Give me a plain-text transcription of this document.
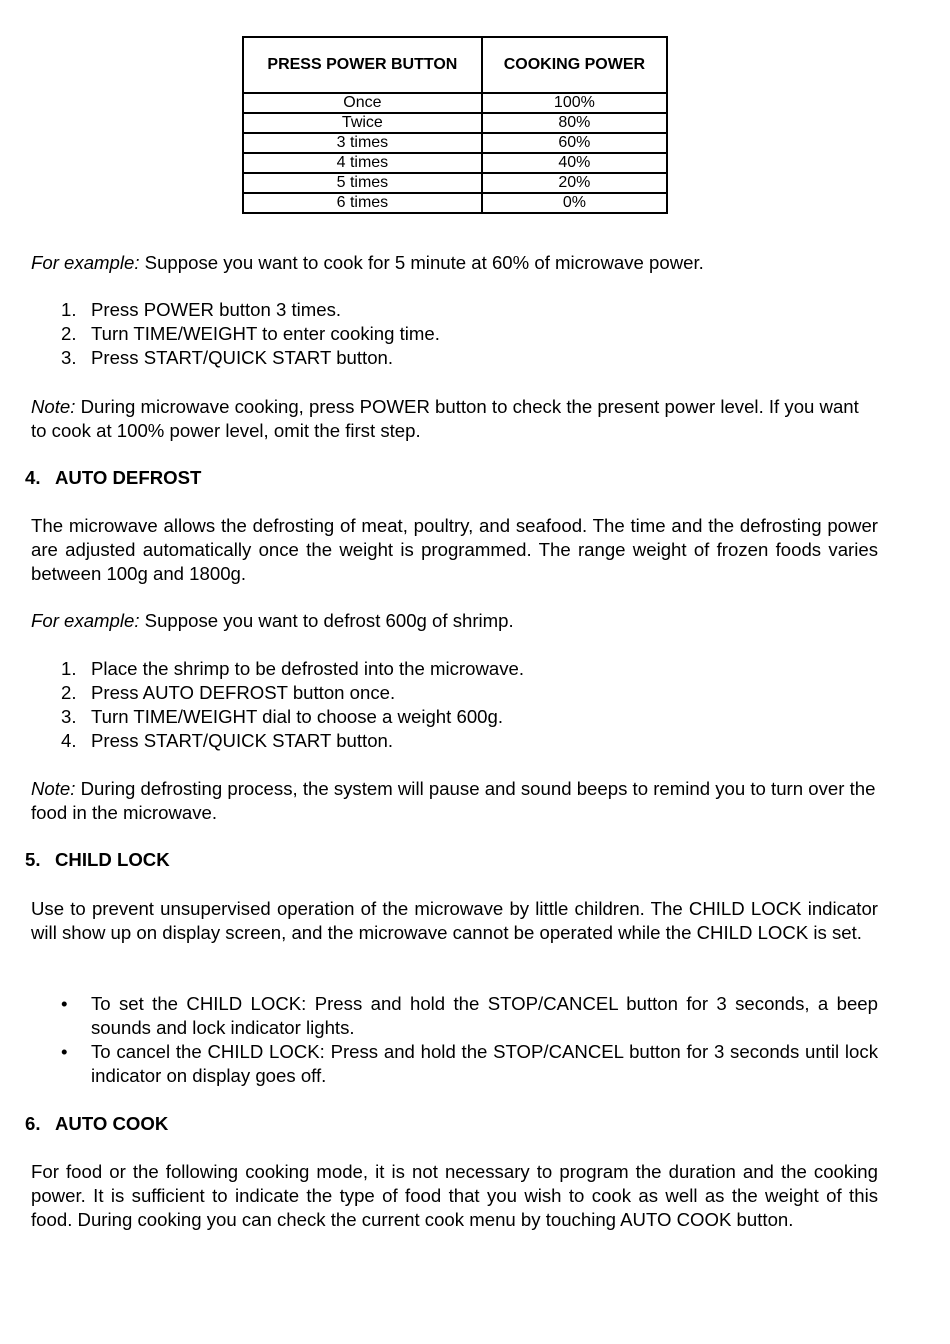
PRESS POWER BUTTON	COOKING POWER
Once	100%
Twice	80%
3 times	60%
4 times	40%
5 times	20%
6 times	0%

For example: Suppose you want to cook for 5 minute at 60% of microwave power.

1. Press POWER button 3 times.
2. Turn TIME/WEIGHT to enter cooking time.
3. Press START/QUICK START button.

Note: During microwave cooking, press POWER button to check the present power level. If you want to cook at 100% power level, omit the first step.

4. AUTO DEFROST

The microwave allows the defrosting of meat, poultry, and seafood. The time and the defrosting power are adjusted automatically once the weight is programmed. The range weight of frozen foods varies between 100g and 1800g.

For example: Suppose you want to defrost 600g of shrimp.

1. Place the shrimp to be defrosted into the microwave.
2. Press AUTO DEFROST button once.
3. Turn TIME/WEIGHT dial to choose a weight 600g.
4. Press START/QUICK START button.

Note: During defrosting process, the system will pause and sound beeps to remind you to turn over the food in the microwave.

5. CHILD LOCK

Use to prevent unsupervised operation of the microwave by little children. The CHILD LOCK indicator will show up on display screen, and the microwave cannot be operated while the CHILD LOCK is set.

• To set the CHILD LOCK: Press and hold the STOP/CANCEL button for 3 seconds, a beep sounds and lock indicator lights.
• To cancel the CHILD LOCK: Press and hold the STOP/CANCEL button for 3 seconds until lock indicator on display goes off.
6. AUTO COOK

For food or the following cooking mode, it is not necessary to program the duration and the cooking power. It is sufficient to indicate the type of food that you wish to cook as well as the weight of this food. During cooking you can check the current cook menu by touching AUTO COOK button.
